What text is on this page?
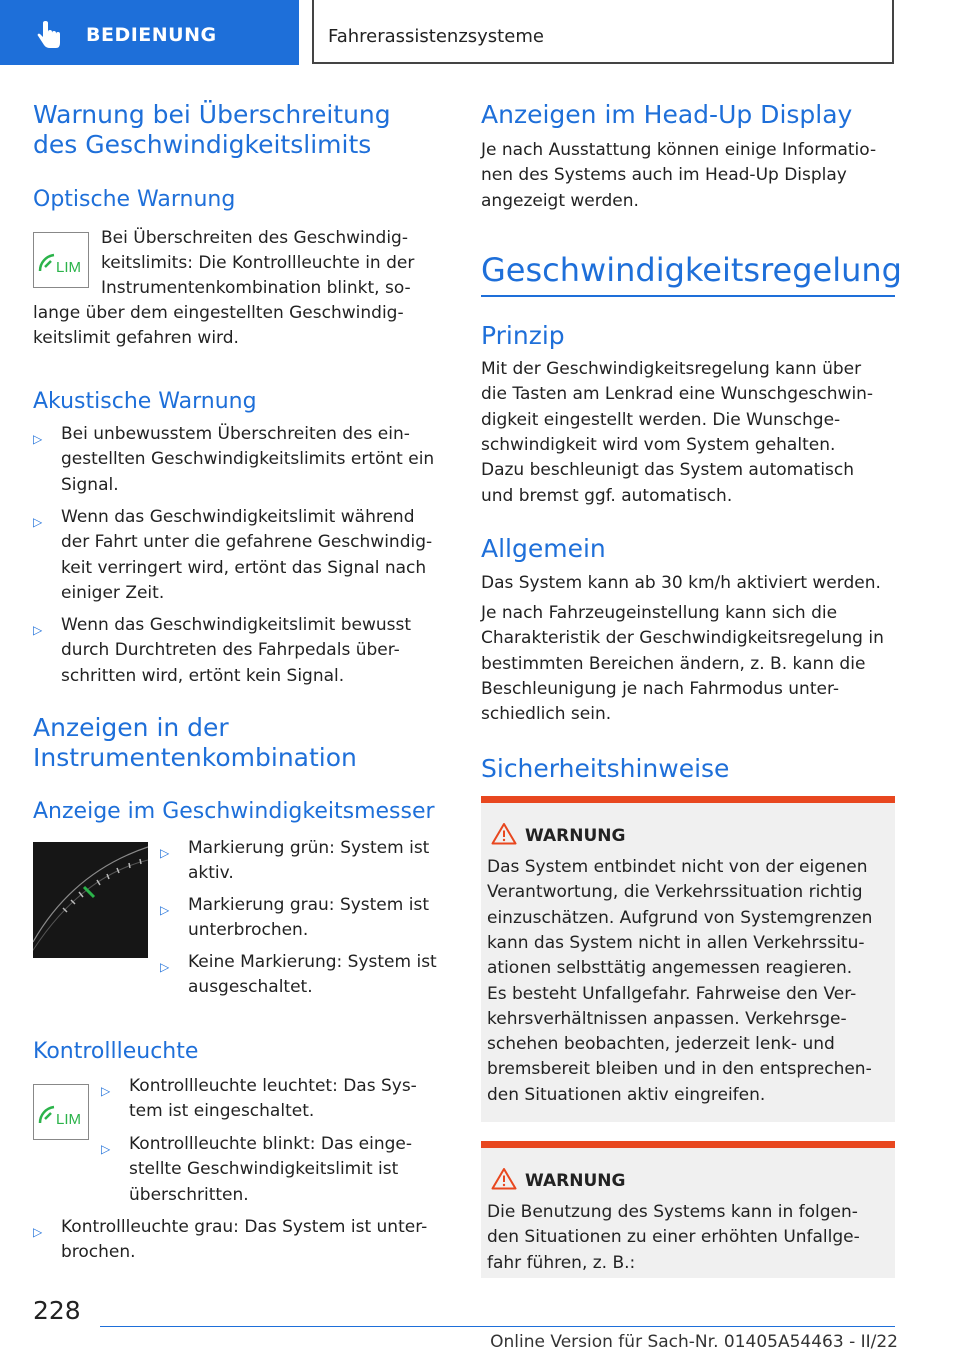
BEDIENUNG	Fahrerassistenzsysteme
Warnung bei Überschreitung des Geschwindigkeitslimits
Optische Warnung
LIM
Bei Überschreiten des Geschwindig-
keitslimits: Die Kontrollleuchte in der
Instrumentenkombination blinkt, so-
lange über dem eingestellten Geschwindig-
keitslimit gefahren wird.
Akustische Warnung
▷ Bei unbewusstem Überschreiten des ein-
gestellten Geschwindigkeitslimits ertönt ein
Signal.
▷ Wenn das Geschwindigkeitslimit während
der Fahrt unter die gefahrene Geschwindig-
keit verringert wird, ertönt das Signal nach
einiger Zeit.
▷ Wenn das Geschwindigkeitslimit bewusst
durch Durchtreten des Fahrpedals über-
schritten wird, ertönt kein Signal.
Anzeigen in der
Instrumentenkombination
Anzeige im Geschwindigkeitsmesser
▷ Markierung grün: System ist
aktiv.
▷ Markierung grau: System ist
unterbrochen.
▷ Keine Markierung: System ist
ausgeschaltet.
Kontrollleuchte
LIM
▷ Kontrollleuchte leuchtet: Das Sys-
tem ist eingeschaltet.
▷ Kontrollleuchte blinkt: Das einge-
stellte Geschwindigkeitslimit ist
überschritten.
▷ Kontrollleuchte grau: Das System ist unter-
brochen.
Anzeigen im Head-Up Display
Je nach Ausstattung können einige Informatio-
nen des Systems auch im Head-Up Display
angezeigt werden.
Geschwindigkeitsregelung
Prinzip
Mit der Geschwindigkeitsregelung kann über
die Tasten am Lenkrad eine Wunschgeschwin-
digkeit eingestellt werden. Die Wunschge-
schwindigkeit wird vom System gehalten.
Dazu beschleunigt das System automatisch
und bremst ggf. automatisch.
Allgemein
Das System kann ab 30 km/h aktiviert werden.
Je nach Fahrzeugeinstellung kann sich die
Charakteristik der Geschwindigkeitsregelung in
bestimmten Bereichen ändern, z. B. kann die
Beschleunigung je nach Fahrmodus unter-
schiedlich sein.
Sicherheitshinweise
WARNUNG
Das System entbindet nicht von der eigenen
Verantwortung, die Verkehrssituation richtig
einzuschätzen. Aufgrund von Systemgrenzen
kann das System nicht in allen Verkehrssitu-
ationen selbsttätig angemessen reagieren.
Es besteht Unfallgefahr. Fahrweise den Ver-
kehrsverhältnissen anpassen. Verkehrsge-
schehen beobachten, jederzeit lenk- und
bremsbereit bleiben und in den entsprechen-
den Situationen aktiv eingreifen.
WARNUNG
Die Benutzung des Systems kann in folgen-
den Situationen zu einer erhöhten Unfallge-
fahr führen, z. B.:
228
Online Version für Sach-Nr. 01405A54463 - II/22
